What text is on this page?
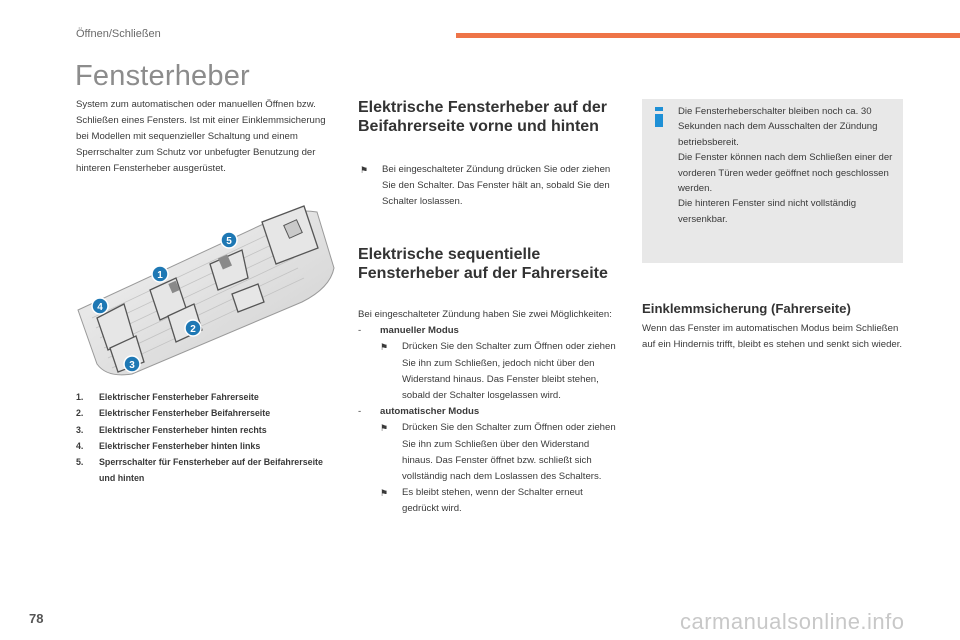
Öffnen/Schließen
Fensterheber
System zum automatischen oder manuellen Öffnen bzw. Schließen eines Fensters. Ist mit einer Einklemmsicherung bei Modellen mit sequenzieller Schaltung und einem Sperrschalter zum Schutz vor unbefugter Benutzung der hinteren Fensterheber ausgerüstet.
1
2
3
4
5
1.	Elektrischer Fensterheber Fahrerseite
2.	Elektrischer Fensterheber Beifahrerseite
3.	Elektrischer Fensterheber hinten rechts
4.	Elektrischer Fensterheber hinten links
5.	Sperrschalter für Fensterheber auf der Beifahrerseite und hinten
Elektrische Fensterheber auf der Beifahrerseite vorne und hinten
⚑	Bei eingeschalteter Zündung drücken Sie oder ziehen Sie den Schalter. Das Fenster hält an, sobald Sie den Schalter loslassen.
Elektrische sequentielle Fensterheber auf der Fahrerseite
Bei eingeschalteter Zündung haben Sie zwei Möglichkeiten:
-	manueller Modus
⚑	Drücken Sie den Schalter zum Öffnen oder ziehen Sie ihn zum Schließen, jedoch nicht über den Widerstand hinaus. Das Fenster bleibt stehen, sobald der Schalter losgelassen wird.
-	automatischer Modus
⚑	Drücken Sie den Schalter zum Öffnen oder ziehen Sie ihn zum Schließen über den Widerstand hinaus. Das Fenster öffnet bzw. schließt sich vollständig nach dem Loslassen des Schalters.
⚑	Es bleibt stehen, wenn der Schalter erneut gedrückt wird.
Die Fensterheberschalter bleiben noch ca. 30 Sekunden nach dem Ausschalten der Zündung betriebsbereit.
Die Fenster können nach dem Schließen einer der vorderen Türen weder geöffnet noch geschlossen werden.
Die hinteren Fenster sind nicht vollständig versenkbar.
Einklemmsicherung (Fahrerseite)
Wenn das Fenster im automatischen Modus beim Schließen auf ein Hindernis trifft, bleibt es stehen und senkt sich wieder.
78	carmanualsonline.info
